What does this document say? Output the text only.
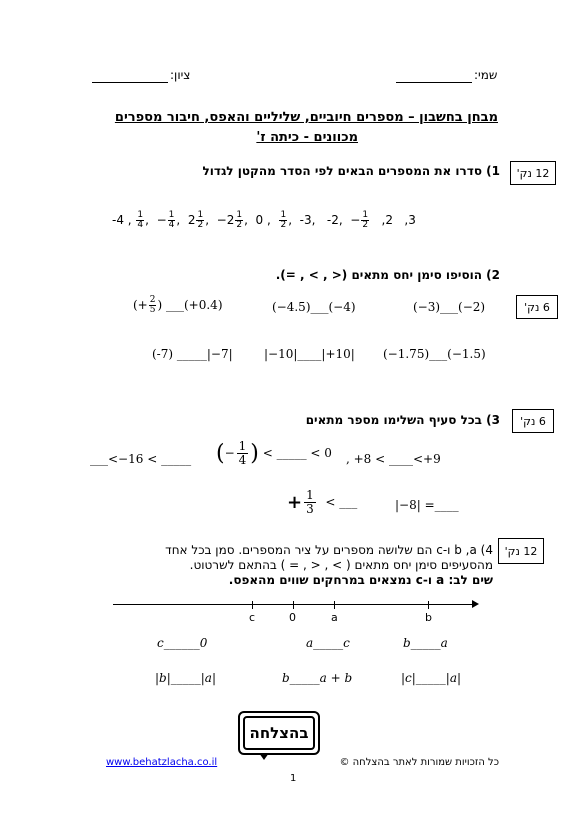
שמי:
ציון:
מבחן בחשבון – מספרים חיוביים, שליליים והאפס, חיבור מספרים
מכוונים - כיתה ז'
12 נק'
1) סדרו את המספרים הבאים לפי הסדר מהקטן לגדול
-4 , $\frac{1}{4}$ ,  − $\frac{1}{4}$ ,  $2 \frac{1}{2}$ ,  $-2 \frac{1}{2}$ ,  0 , $\frac{1}{2}$ ,  -3,   -2,  − $\frac{1}{2} ,2$   ,3
2) הוסיפו סימן יחס מתאים (< , > , =).
6 נק'
(−3)___(−2)
(−4.5)___(−4)
(+ $\frac{2}{5}$ ) ___(+0.4)
(−1.75)___(−1.5)
|−10|____|+10|
(-7) _____|−7|
6 נק'
3) בכל סעיף השלימו מספר מתאים
___<−16 < _____ (− $\frac{1}{4}$ ) < _____ < 0 , +8 < ____<+9
+ $\frac{1}{3}$ < ___	|−8| =____
12 נק'
4) b ,a ו-c הם שלושה מספרים על ציר המספרים. סמן בכל אחד
מהסעיפים סימן יחס מתאים ( > , < , = ) בהתאם לשרטוט.
שים לב: a ו-c נמצאים במרחקים שווים מהאפס.
c	0	a	b
b_____a
a_____c
c______0
|c|_____|a|
b_____a + b
|b|_____|a|
בהצלחה
www.behatzlacha.co.il	כל הזכויות שמורות לאתר בהצלחה ©
1
